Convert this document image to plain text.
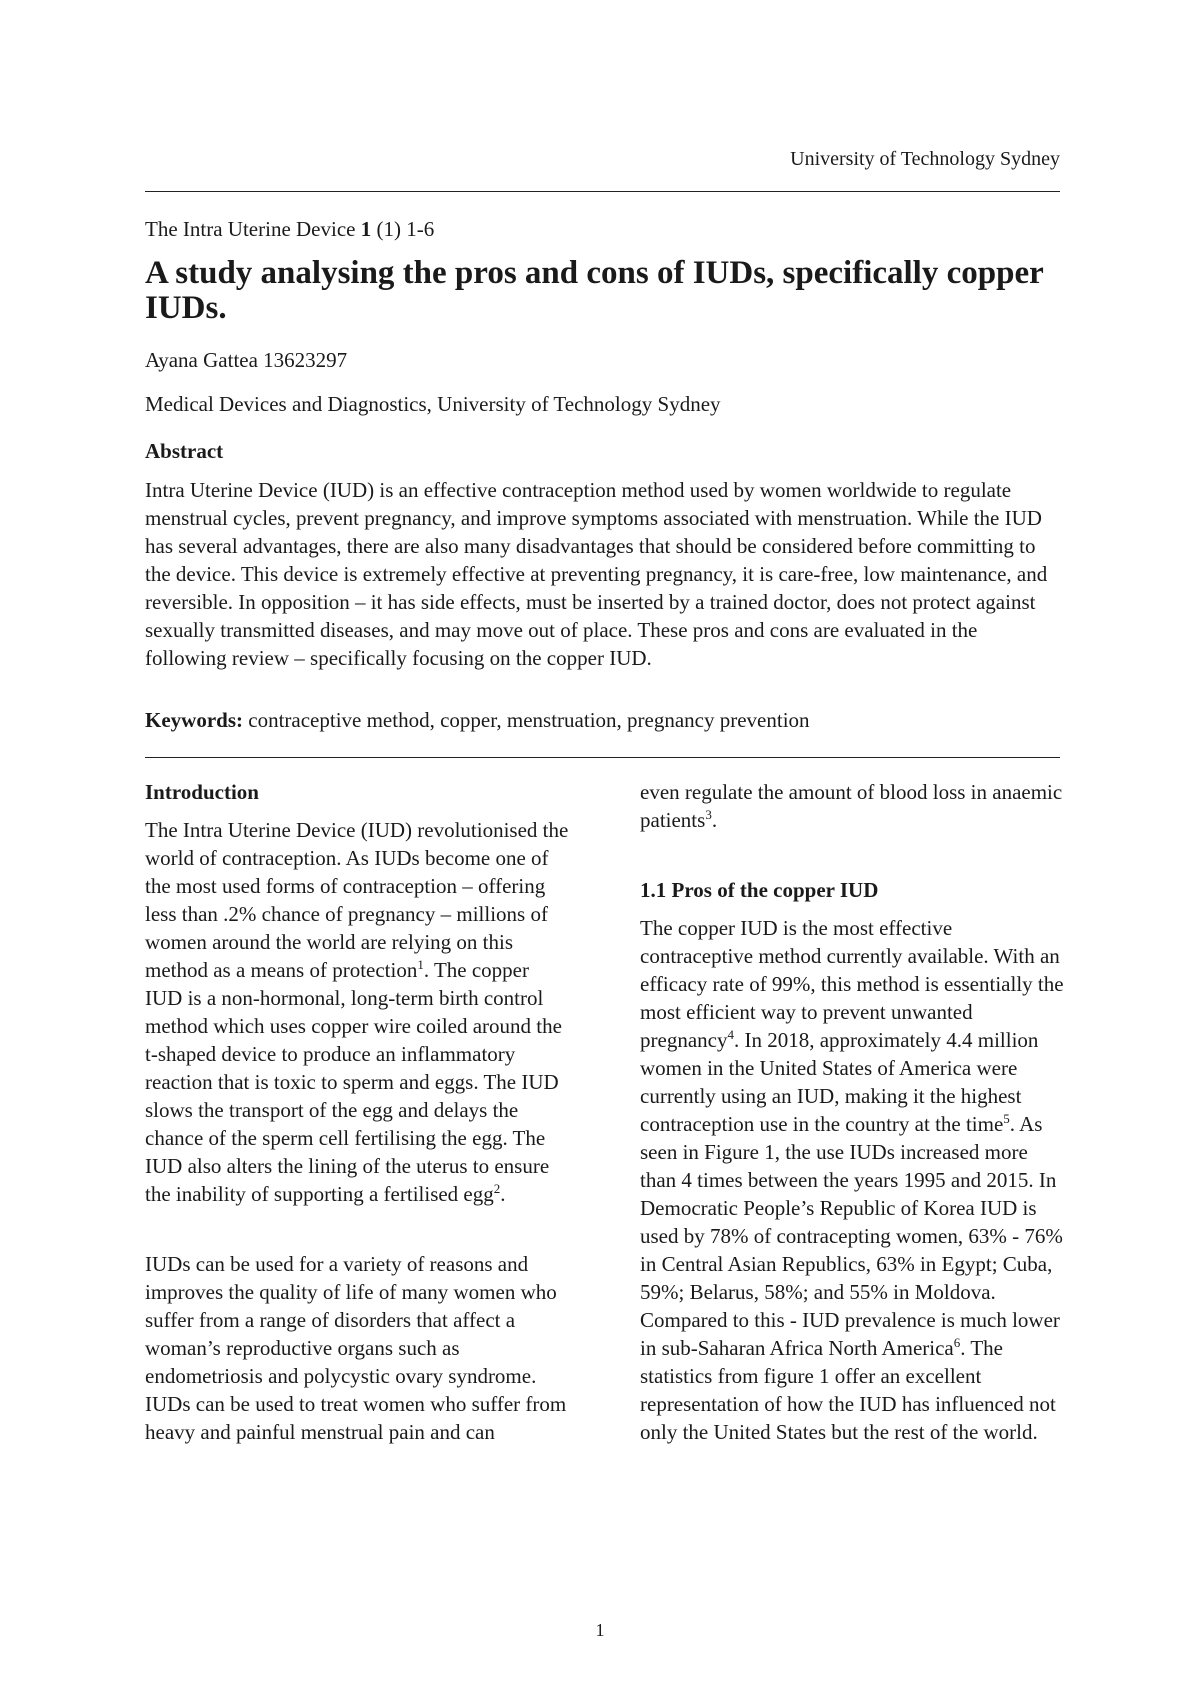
University of Technology Sydney
The Intra Uterine Device 1 (1) 1-6
A study analysing the pros and cons of IUDs, specifically copper IUDs.
Ayana Gattea 13623297
Medical Devices and Diagnostics, University of Technology Sydney
Abstract

Intra Uterine Device (IUD) is an effective contraception method used by women worldwide to regulate menstrual cycles, prevent pregnancy, and improve symptoms associated with menstruation. While the IUD has several advantages, there are also many disadvantages that should be considered before committing to the device. This device is extremely effective at preventing pregnancy, it is care-free, low maintenance, and reversible. In opposition – it has side effects, must be inserted by a trained doctor, does not protect against sexually transmitted diseases, and may move out of place. These pros and cons are evaluated in the following review – specifically focusing on the copper IUD.

Keywords: contraceptive method, copper, menstruation, pregnancy prevention
Introduction

The Intra Uterine Device (IUD) revolutionised the world of contraception. As IUDs become one of the most used forms of contraception – offering less than .2% chance of pregnancy – millions of women around the world are relying on this method as a means of protection$^1$. The copper IUD is a non-hormonal, long-term birth control method which uses copper wire coiled around the t-shaped device to produce an inflammatory reaction that is toxic to sperm and eggs. The IUD slows the transport of the egg and delays the chance of the sperm cell fertilising the egg. The IUD also alters the lining of the uterus to ensure the inability of supporting a fertilised egg$^2$.

IUDs can be used for a variety of reasons and improves the quality of life of many women who suffer from a range of disorders that affect a woman’s reproductive organs such as endometriosis and polycystic ovary syndrome. IUDs can be used to treat women who suffer from heavy and painful menstrual pain and can

even regulate the amount of blood loss in anaemic patients$^3$.

1.1 Pros of the copper IUD

The copper IUD is the most effective contraceptive method currently available. With an efficacy rate of 99%, this method is essentially the most efficient way to prevent unwanted pregnancy$^4$. In 2018, approximately 4.4 million women in the United States of America were currently using an IUD, making it the highest contraception use in the country at the time$^5$. As seen in Figure 1, the use IUDs increased more than 4 times between the years 1995 and 2015. In Democratic People’s Republic of Korea IUD is used by 78% of contracepting women, 63% - 76% in Central Asian Republics, 63% in Egypt; Cuba, 59%; Belarus, 58%; and 55% in Moldova. Compared to this - IUD prevalence is much lower in sub-Saharan Africa North America$^6$. The statistics from figure 1 offer an excellent representation of how the IUD has influenced not only the United States but the rest of the world.

1
